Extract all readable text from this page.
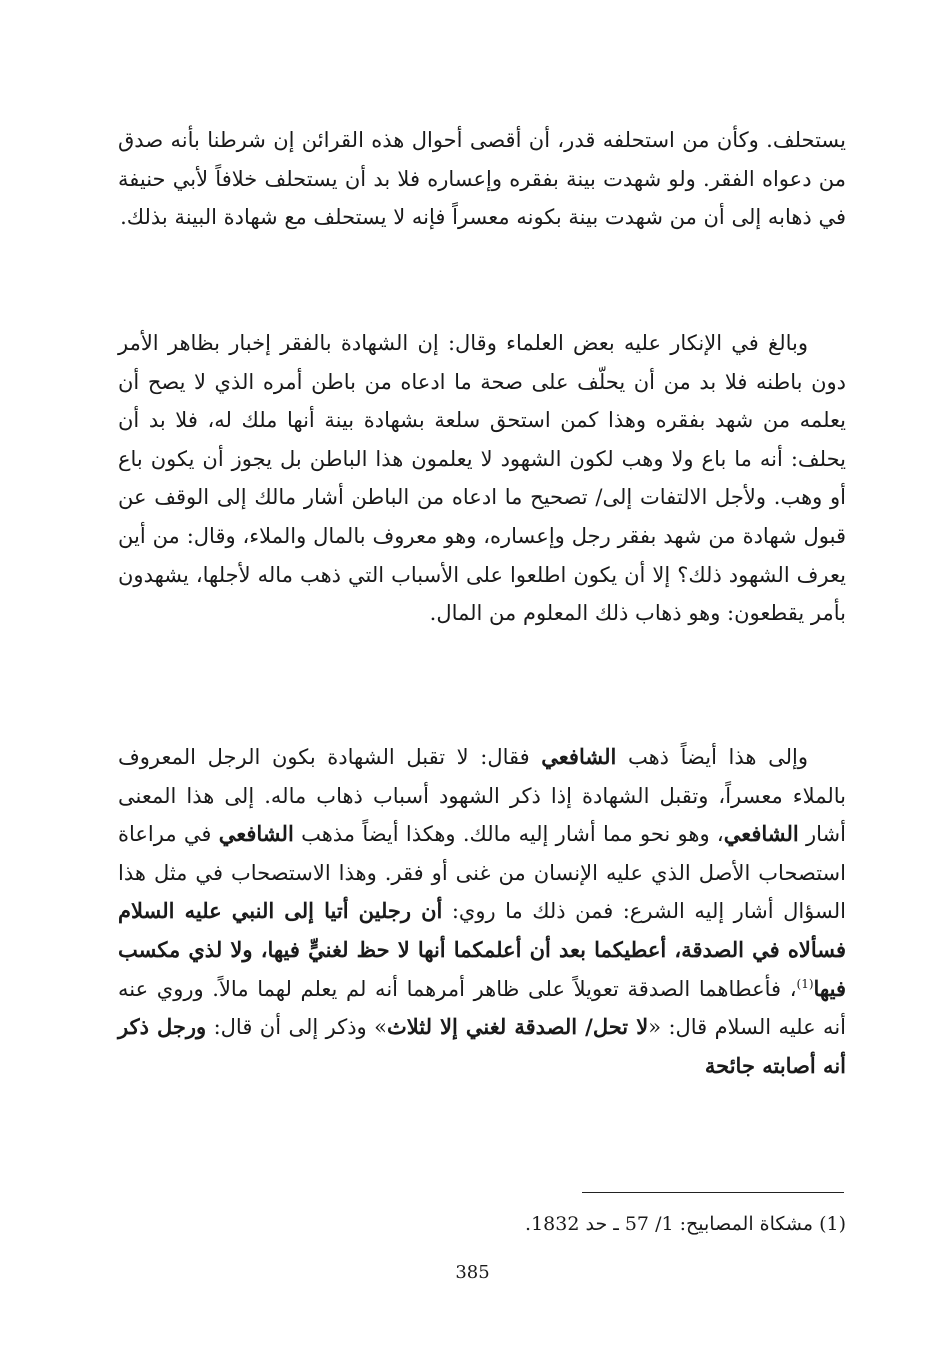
يستحلف. وكأن من استحلفه قدر، أن أقصى أحوال هذه القرائن إن شرطنا بأنه صدق من دعواه الفقر. ولو شهدت بينة بفقره وإعساره فلا بد أن يستحلف خلافاً لأبي حنيفة في ذهابه إلى أن من شهدت بينة بكونه معسراً فإنه لا يستحلف مع شهادة البينة بذلك.

وبالغ في الإنكار عليه بعض العلماء وقال: إن الشهادة بالفقر إخبار بظاهر الأمر دون باطنه فلا بد من أن يحلّف على صحة ما ادعاه من باطن أمره الذي لا يصح أن يعلمه من شهد بفقره وهذا كمن استحق سلعة بشهادة بينة أنها ملك له، فلا بد أن يحلف: أنه ما باع ولا وهب لكون الشهود لا يعلمون هذا الباطن بل يجوز أن يكون باع أو وهب. ولأجل الالتفات إلى/ تصحيح ما ادعاه من الباطن أشار مالك إلى الوقف عن قبول شهادة من شهد بفقر رجل وإعساره، وهو معروف بالمال والملاء، وقال: من أين يعرف الشهود ذلك؟ إلا أن يكون اطلعوا على الأسباب التي ذهب ماله لأجلها، يشهدون بأمر يقطعون: وهو ذهاب ذلك المعلوم من المال.

وإلى هذا أيضاً ذهب الشافعي فقال: لا تقبل الشهادة بكون الرجل المعروف بالملاء معسراً، وتقبل الشهادة إذا ذكر الشهود أسباب ذهاب ماله. إلى هذا المعنى أشار الشافعي، وهو نحو مما أشار إليه مالك. وهكذا أيضاً مذهب الشافعي في مراعاة استصحاب الأصل الذي عليه الإنسان من غنى أو فقر. وهذا الاستصحاب في مثل هذا السؤال أشار إليه الشرع: فمن ذلك ما روي: أن رجلين أتيا إلى النبي عليه السلام فسألاه في الصدقة، أعطيكما بعد أن أعلمكما أنها لا حظ لغنيٍّ فيها، ولا لذي مكسب فيها$^{(1)}$، فأعطاهما الصدقة تعويلاً على ظاهر أمرهما أنه لم يعلم لهما مالاً. وروي عنه أنه عليه السلام قال: «لا تحل/ الصدقة لغني إلا لثلاث» وذكر إلى أن قال: ورجل ذكر أنه أصابته جائحة

(1) مشكاة المصابيح: 1/ 57 ـ حد 1832.
385
